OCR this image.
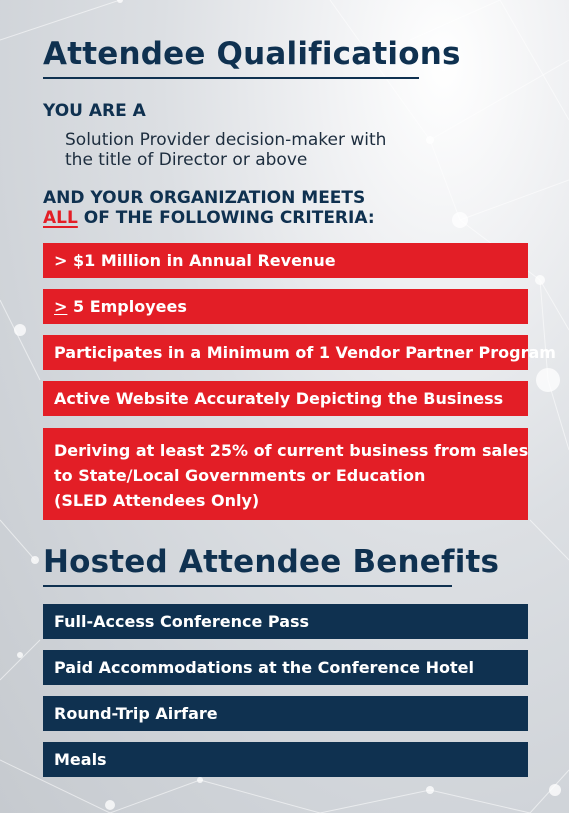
Attendee Qualifications

YOU ARE A

Solution Provider decision-maker with
the title of Director or above

AND YOUR ORGANIZATION MEETS

ALL OF THE FOLLOWING CRITERIA:

> $1 Million in Annual Revenue
≥
5 Employees
Participates in a Minimum of 1 Vendor Partner Program
Active Website Accurately Depicting the Business
Deriving at least 25% of current business from sales
to State/Local Governments or Education
(SLED Attendees Only)
Hosted Attendee Benefits
Full-Access Conference Pass
Paid Accommodations at the Conference Hotel
Round-Trip Airfare
Meals
